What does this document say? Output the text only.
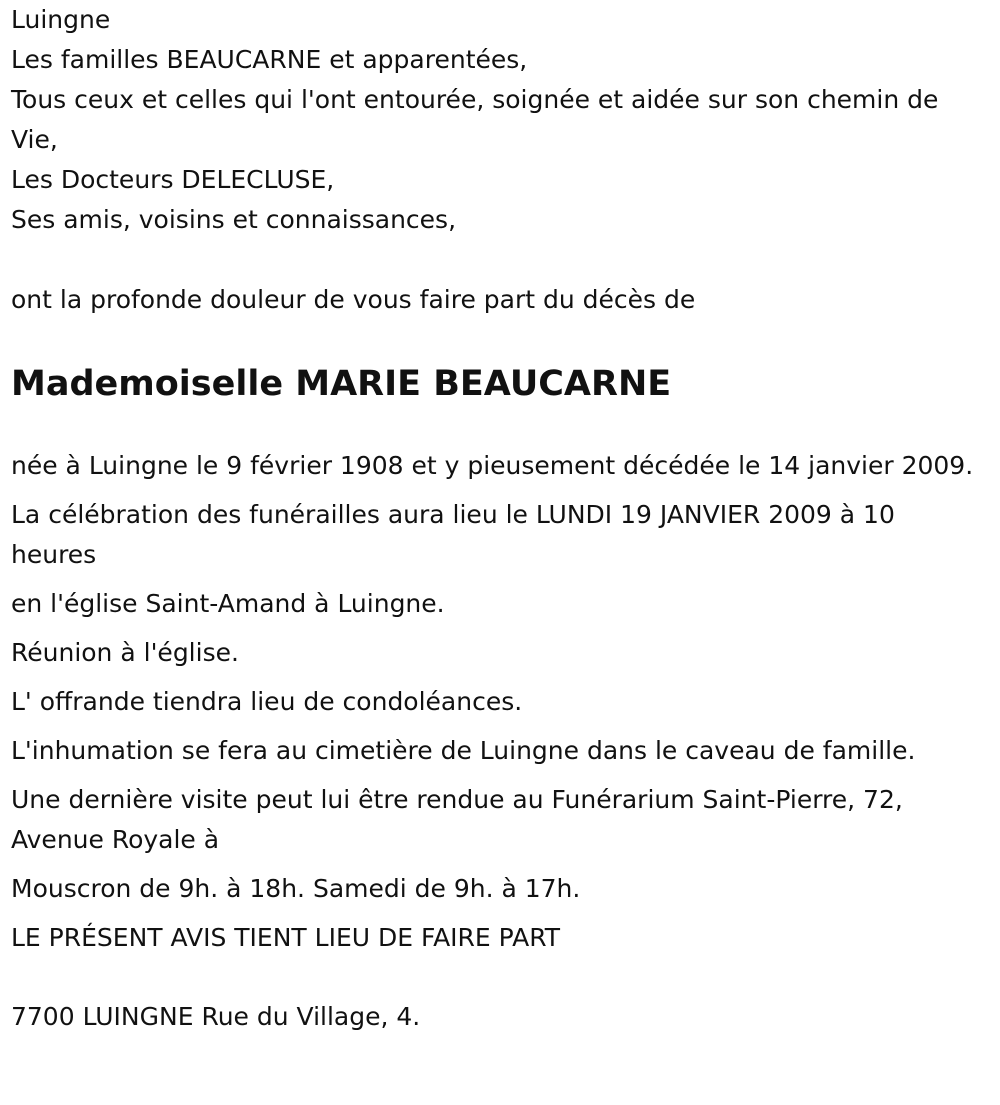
Luingne

Les familles BEAUCARNE et apparentées,

Tous ceux et celles qui l'ont entourée, soignée et aidée sur son chemin de Vie,

Les Docteurs DELECLUSE,

Ses amis, voisins et connaissances,

ont la profonde douleur de vous faire part du décès de

Mademoiselle MARIE BEAUCARNE

née à Luingne le 9 février 1908 et y pieusement décédée le 14 janvier 2009.

La célébration des funérailles aura lieu le LUNDI 19 JANVIER 2009 à 10 heures

en l'église Saint-Amand à Luingne.

Réunion à l'église.

L' offrande tiendra lieu de condoléances.

L'inhumation se fera au cimetière de Luingne dans le caveau de famille.

Une dernière visite peut lui être rendue au Funérarium Saint-Pierre, 72, Avenue Royale à

Mouscron de 9h. à 18h. Samedi de 9h. à 17h.

LE PRÉSENT AVIS TIENT LIEU DE FAIRE PART

7700 LUINGNE Rue du Village, 4.
